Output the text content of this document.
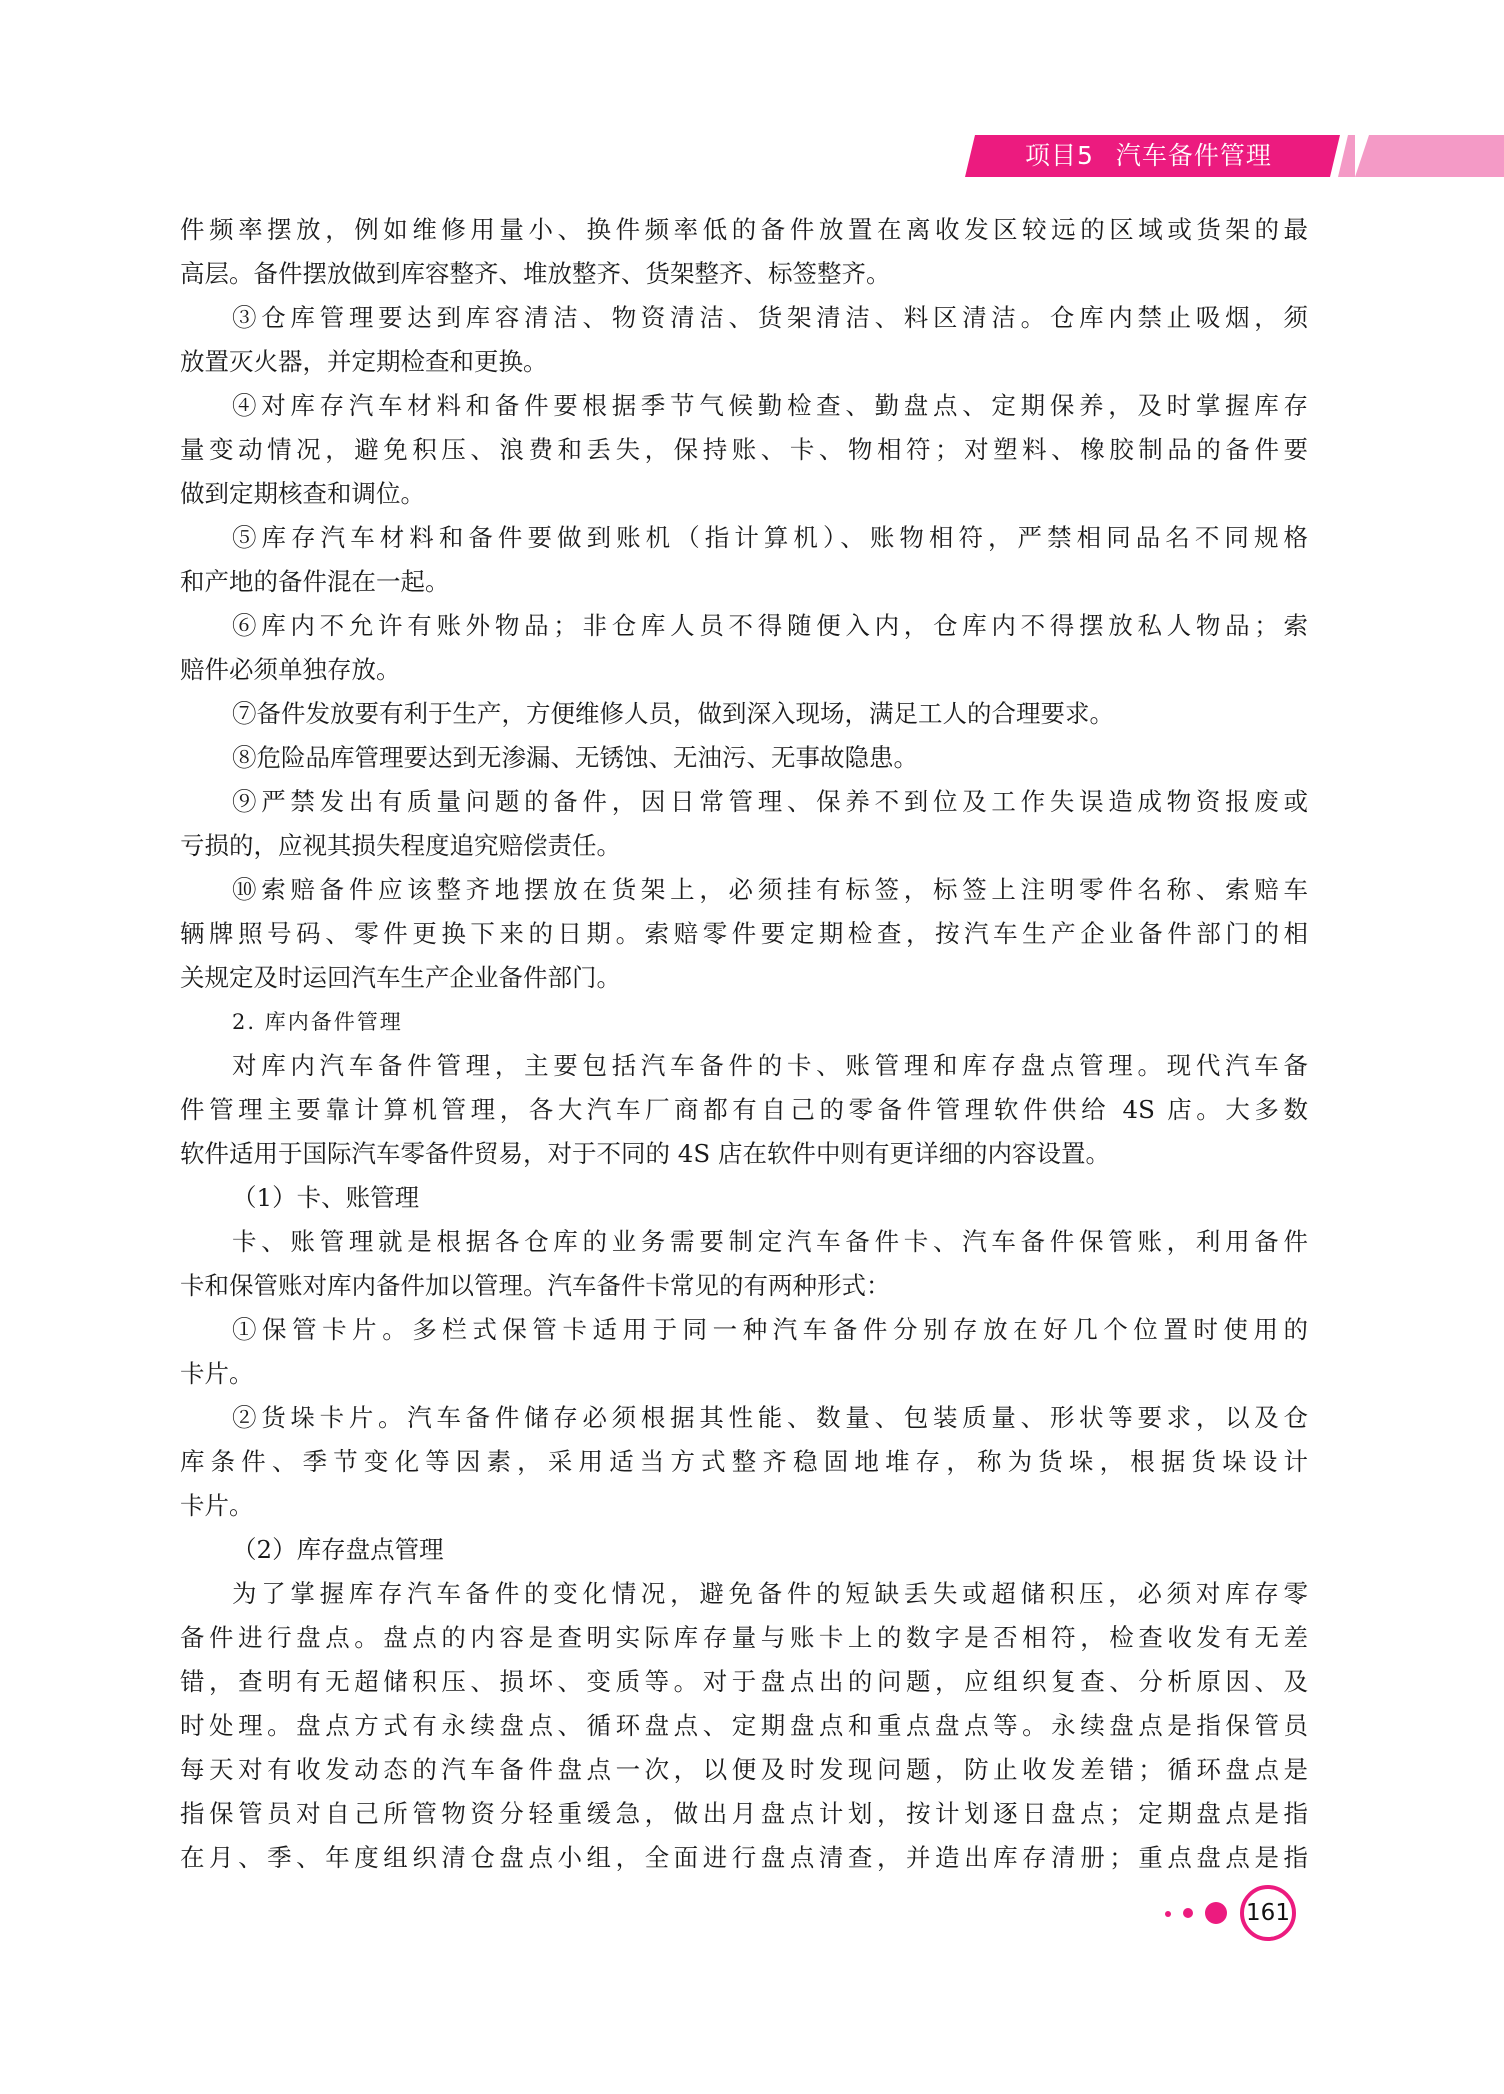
项目5 汽车备件管理
件频率摆放，例如维修用量小、换件频率低的备件放置在离收发区较远的区域或货架的最
高层。备件摆放做到库容整齐、堆放整齐、货架整齐、标签整齐。
③仓库管理要达到库容清洁、物资清洁、货架清洁、料区清洁。仓库内禁止吸烟，须
放置灭火器，并定期检查和更换。
④对库存汽车材料和备件要根据季节气候勤检查、勤盘点、定期保养，及时掌握库存
量变动情况，避免积压、浪费和丢失，保持账、卡、物相符；对塑料、橡胶制品的备件要
做到定期核查和调位。
⑤库存汽车材料和备件要做到账机（指计算机）、账物相符，严禁相同品名不同规格
和产地的备件混在一起。
⑥库内不允许有账外物品；非仓库人员不得随便入内，仓库内不得摆放私人物品；索
赔件必须单独存放。
⑦备件发放要有利于生产，方便维修人员，做到深入现场，满足工人的合理要求。
⑧危险品库管理要达到无渗漏、无锈蚀、无油污、无事故隐患。
⑨严禁发出有质量问题的备件，因日常管理、保养不到位及工作失误造成物资报废或
亏损的，应视其损失程度追究赔偿责任。
⑩索赔备件应该整齐地摆放在货架上，必须挂有标签，标签上注明零件名称、索赔车
辆牌照号码、零件更换下来的日期。索赔零件要定期检查，按汽车生产企业备件部门的相
关规定及时运回汽车生产企业备件部门。
2. 库内备件管理
对库内汽车备件管理，主要包括汽车备件的卡、账管理和库存盘点管理。现代汽车备
件管理主要靠计算机管理，各大汽车厂商都有自己的零备件管理软件供给 4S 店。大多数
软件适用于国际汽车零备件贸易，对于不同的 4S 店在软件中则有更详细的内容设置。
（1）卡、账管理
卡、账管理就是根据各仓库的业务需要制定汽车备件卡、汽车备件保管账，利用备件
卡和保管账对库内备件加以管理。汽车备件卡常见的有两种形式：
①保管卡片。多栏式保管卡适用于同一种汽车备件分别存放在好几个位置时使用的
卡片。
②货垛卡片。汽车备件储存必须根据其性能、数量、包装质量、形状等要求，以及仓
库条件、季节变化等因素，采用适当方式整齐稳固地堆存，称为货垛，根据货垛设计
卡片。
（2）库存盘点管理
为了掌握库存汽车备件的变化情况，避免备件的短缺丢失或超储积压，必须对库存零
备件进行盘点。盘点的内容是查明实际库存量与账卡上的数字是否相符，检查收发有无差
错，查明有无超储积压、损坏、变质等。对于盘点出的问题，应组织复查、分析原因、及
时处理。盘点方式有永续盘点、循环盘点、定期盘点和重点盘点等。永续盘点是指保管员
每天对有收发动态的汽车备件盘点一次，以便及时发现问题，防止收发差错；循环盘点是
指保管员对自己所管物资分轻重缓急，做出月盘点计划，按计划逐日盘点；定期盘点是指
在月、季、年度组织清仓盘点小组，全面进行盘点清查，并造出库存清册；重点盘点是指
161
